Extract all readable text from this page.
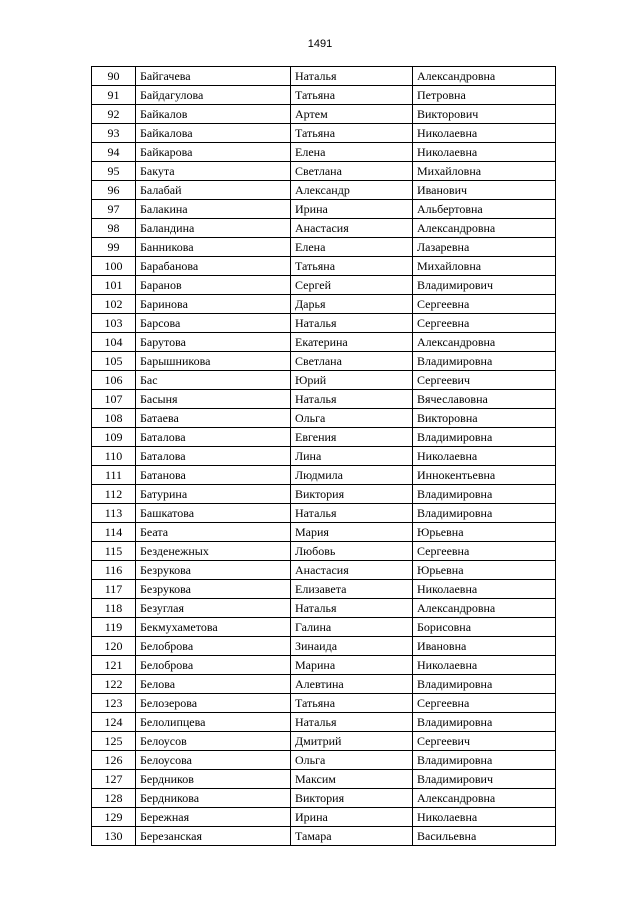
1491
90	Байгачева	Наталья	Александровна
91	Байдагулова	Татьяна	Петровна
92	Байкалов	Артем	Викторович
93	Байкалова	Татьяна	Николаевна
94	Байкарова	Елена	Николаевна
95	Бакута	Светлана	Михайловна
96	Балабай	Александр	Иванович
97	Балакина	Ирина	Альбертовна
98	Баландина	Анастасия	Александровна
99	Банникова	Елена	Лазаревна
100	Барабанова	Татьяна	Михайловна
101	Баранов	Сергей	Владимирович
102	Баринова	Дарья	Сергеевна
103	Барсова	Наталья	Сергеевна
104	Барутова	Екатерина	Александровна
105	Барышникова	Светлана	Владимировна
106	Бас	Юрий	Сергеевич
107	Басыня	Наталья	Вячеславовна
108	Батаева	Ольга	Викторовна
109	Баталова	Евгения	Владимировна
110	Баталова	Лина	Николаевна
111	Батанова	Людмила	Иннокентьевна
112	Батурина	Виктория	Владимировна
113	Башкатова	Наталья	Владимировна
114	Беата	Мария	Юрьевна
115	Безденежных	Любовь	Сергеевна
116	Безрукова	Анастасия	Юрьевна
117	Безрукова	Елизавета	Николаевна
118	Безуглая	Наталья	Александровна
119	Бекмухаметова	Галина	Борисовна
120	Белоброва	Зинаида	Ивановна
121	Белоброва	Марина	Николаевна
122	Белова	Алевтина	Владимировна
123	Белозерова	Татьяна	Сергеевна
124	Белолипцева	Наталья	Владимировна
125	Белоусов	Дмитрий	Сергеевич
126	Белоусова	Ольга	Владимировна
127	Бердников	Максим	Владимирович
128	Бердникова	Виктория	Александровна
129	Бережная	Ирина	Николаевна
130	Березанская	Тамара	Васильевна
